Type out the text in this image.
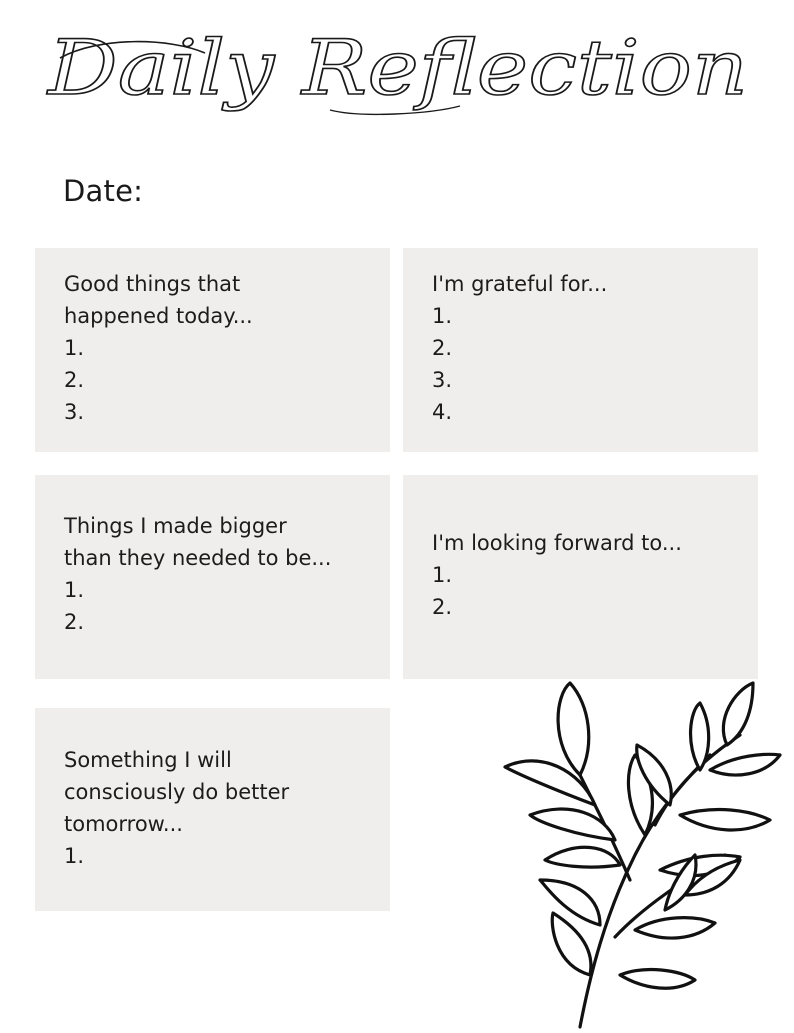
Daily Reflection
Date:

Good things that

happened today...

1.

2.

3.

I'm grateful for...

1.

2.

3.

4.

Things I made bigger

than they needed to be...

1.

2.

I'm looking forward to...

1.

2.

Something I will

consciously do better

tomorrow...

1.
